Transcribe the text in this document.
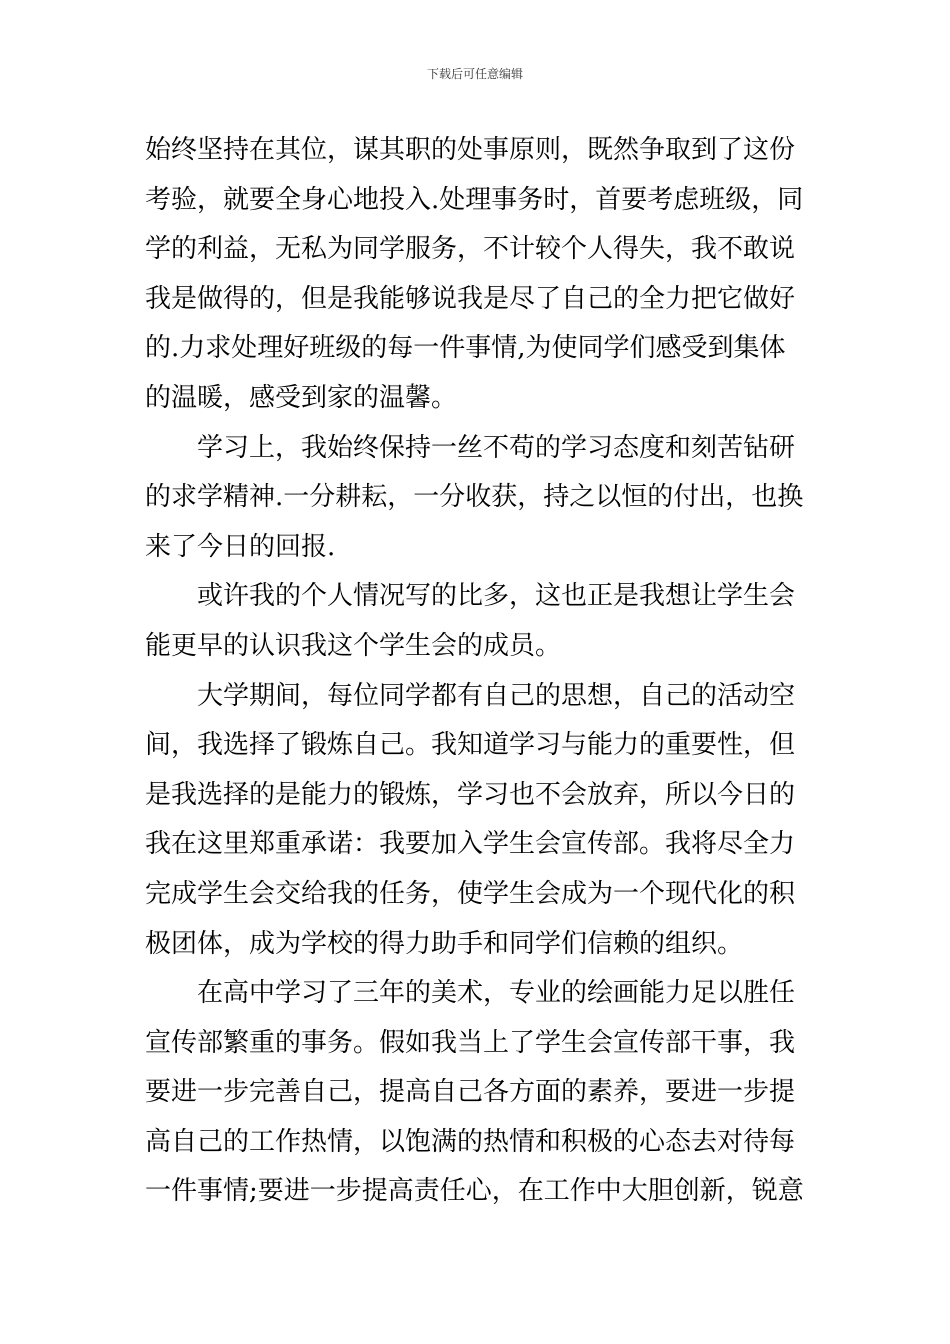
下载后可任意编辑
始终坚持在其位，谋其职的处事原则，既然争取到了这份
考验，就要全身心地投入.处理事务时，首要考虑班级，同
学的利益，无私为同学服务，不计较个人得失，我不敢说
我是做得的，但是我能够说我是尽了自己的全力把它做好
的.力求处理好班级的每一件事情,为使同学们感受到集体
的温暖，感受到家的温馨。
学习上，我始终保持一丝不苟的学习态度和刻苦钻研
的求学精神.一分耕耘，一分收获，持之以恒的付出，也换
来了今日的回报.
或许我的个人情况写的比多，这也正是我想让学生会
能更早的认识我这个学生会的成员。
大学期间，每位同学都有自己的思想，自己的活动空
间，我选择了锻炼自己。我知道学习与能力的重要性，但
是我选择的是能力的锻炼，学习也不会放弃，所以今日的
我在这里郑重承诺：我要加入学生会宣传部。我将尽全力
完成学生会交给我的任务，使学生会成为一个现代化的积
极团体，成为学校的得力助手和同学们信赖的组织。
在高中学习了三年的美术，专业的绘画能力足以胜任
宣传部繁重的事务。假如我当上了学生会宣传部干事，我
要进一步完善自己，提高自己各方面的素养，要进一步提
高自己的工作热情，以饱满的热情和积极的心态去对待每
一件事情;要进一步提高责任心，在工作中大胆创新，锐意
